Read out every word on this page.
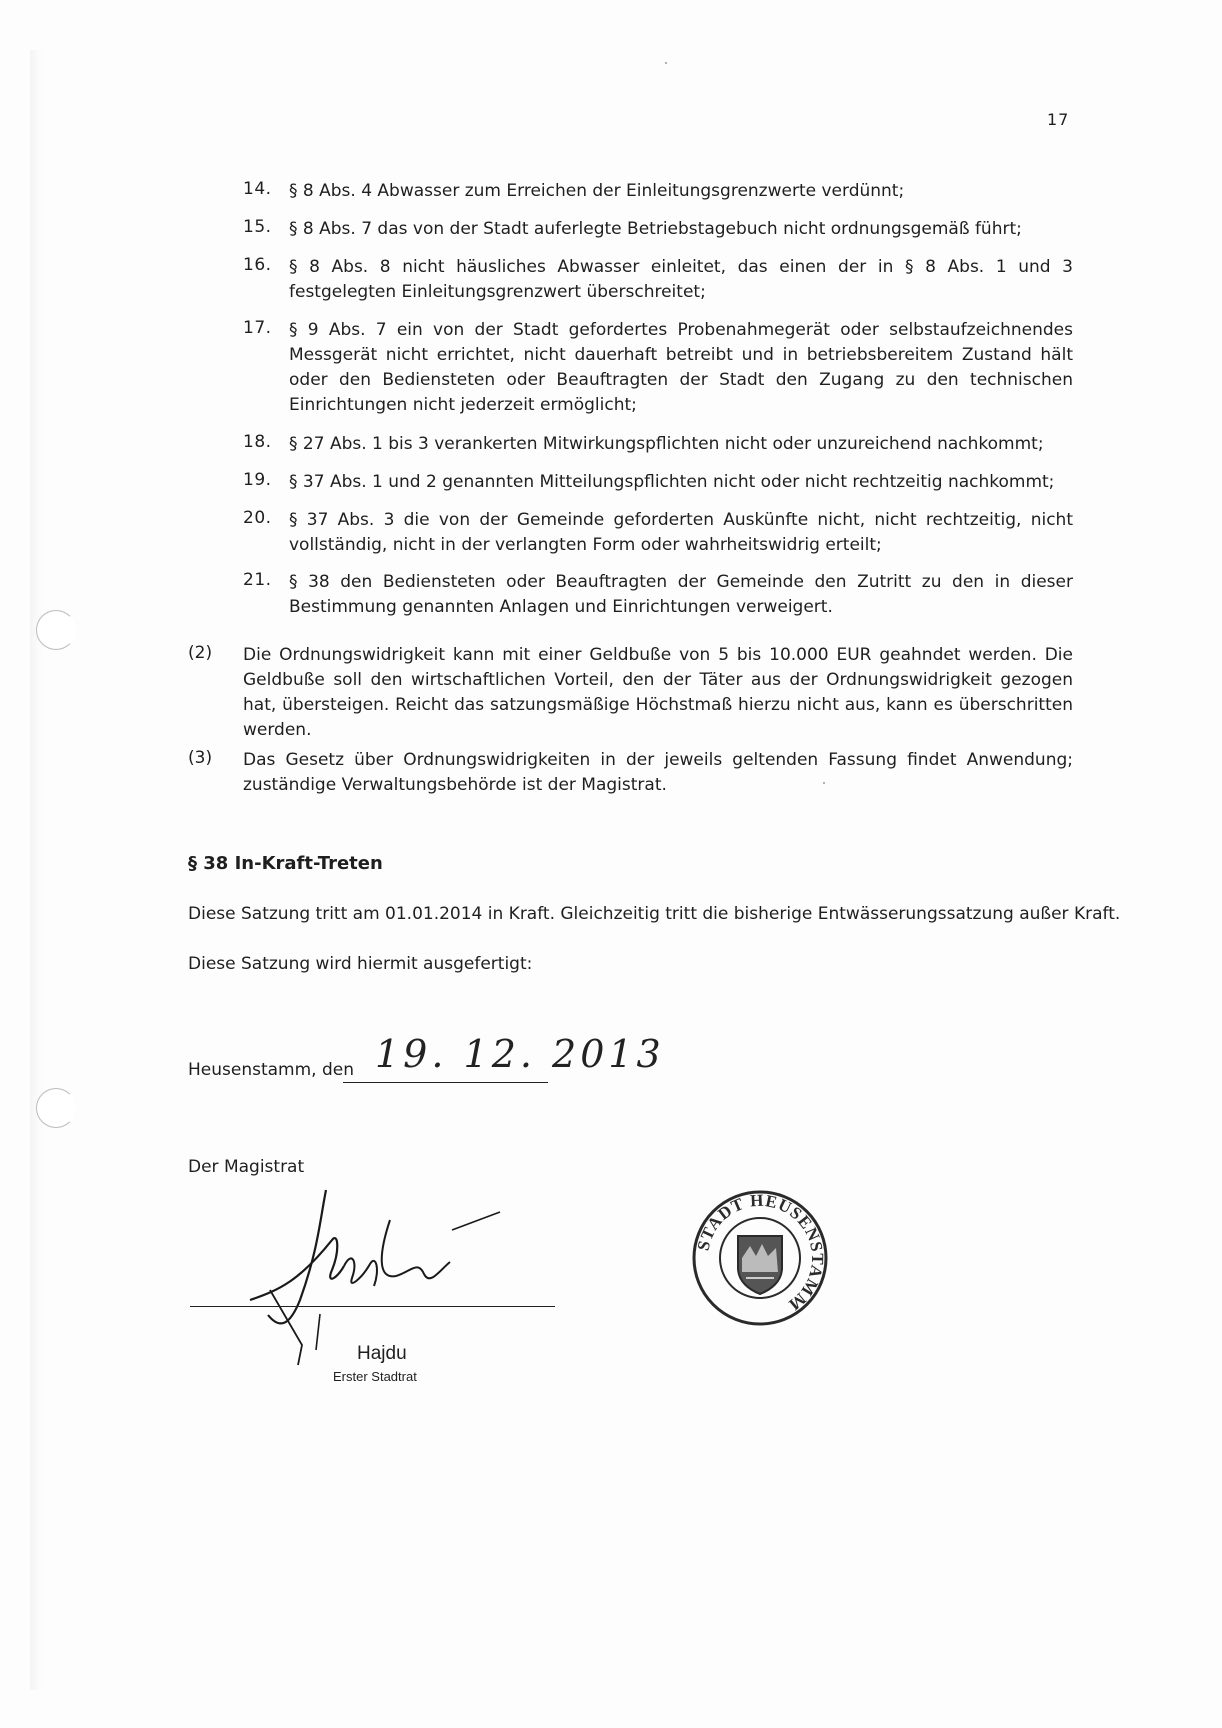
17
14. § 8 Abs. 4 Abwasser zum Erreichen der Einleitungsgrenzwerte verdünnt;
15. § 8 Abs. 7 das von der Stadt auferlegte Betriebstagebuch nicht ordnungsgemäß führt;
16. § 8 Abs. 8 nicht häusliches Abwasser einleitet, das einen der in § 8 Abs. 1 und 3 festgelegten Einleitungsgrenzwert überschreitet;
17. § 9 Abs. 7 ein von der Stadt gefordertes Probenahmegerät oder selbstaufzeichnendes Messgerät nicht errichtet, nicht dauerhaft betreibt und in betriebsbereitem Zustand hält oder den Bediensteten oder Beauftragten der Stadt den Zugang zu den technischen Einrichtungen nicht jederzeit ermöglicht;
18. § 27 Abs. 1 bis 3 verankerten Mitwirkungspflichten nicht oder unzureichend nachkommt;
19. § 37 Abs. 1 und 2 genannten Mitteilungspflichten nicht oder nicht rechtzeitig nachkommt;
20. § 37 Abs. 3 die von der Gemeinde geforderten Auskünfte nicht, nicht rechtzeitig, nicht vollständig, nicht in der verlangten Form oder wahrheitswidrig erteilt;
21. § 38 den Bediensteten oder Beauftragten der Gemeinde den Zutritt zu den in dieser Bestimmung genannten Anlagen und Einrichtungen verweigert.
(2) Die Ordnungswidrigkeit kann mit einer Geldbuße von 5 bis 10.000 EUR geahndet werden. Die Geldbuße soll den wirtschaftlichen Vorteil, den der Täter aus der Ordnungswidrigkeit gezogen hat, übersteigen. Reicht das satzungsmäßige Höchstmaß hierzu nicht aus, kann es überschritten werden.
(3) Das Gesetz über Ordnungswidrigkeiten in der jeweils geltenden Fassung findet Anwendung; zuständige Verwaltungsbehörde ist der Magistrat.
§ 38 In-Kraft-Treten
Diese Satzung tritt am 01.01.2014 in Kraft. Gleichzeitig tritt die bisherige Entwässerungssatzung außer Kraft.
Diese Satzung wird hiermit ausgefertigt:
Heusenstamm, den 19. 12. 2013
Der Magistrat
Hajdu
Erster Stadtrat
STADT HEUSENSTAMM
